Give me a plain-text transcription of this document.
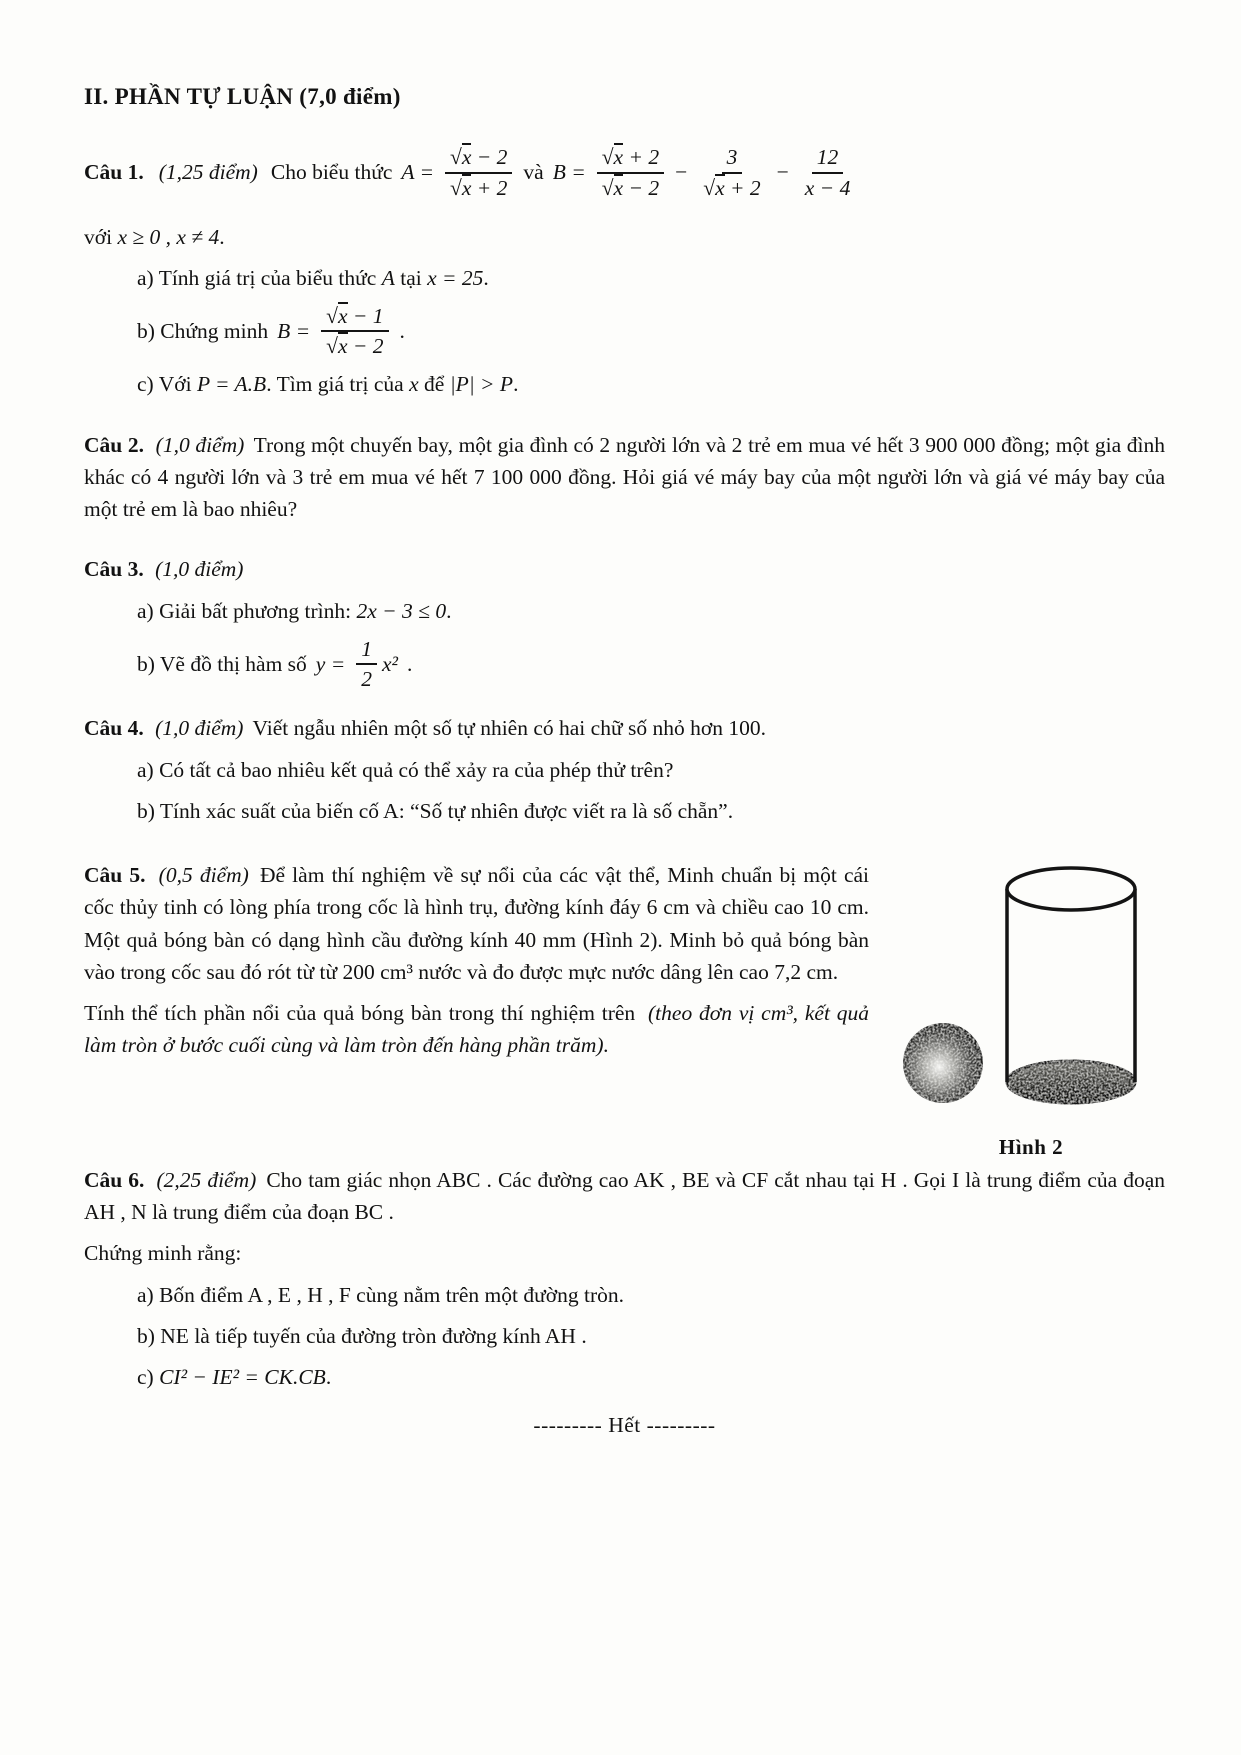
II. PHẦN TỰ LUẬN (7,0 điểm)
Câu 1. (1,25 điểm) Cho biểu thức $A = \frac{√x - 2}{√x + 2}$ và $B = \frac{√x + 2}{√x - 2} - \frac{3}{√x + 2} - \frac{12}{x - 4}$
với x ≥ 0 , x ≠ 4.
a) Tính giá trị của biểu thức A tại x = 25.
b) Chứng minh $B = \frac{√x - 1}{√x - 2}$ .
c) Với P = A.B. Tìm giá trị của x để |P| > P.

Câu 2. (1,0 điểm) Trong một chuyến bay, một gia đình có 2 người lớn và 2 trẻ em mua vé hết 3 900 000 đồng; một gia đình khác có 4 người lớn và 3 trẻ em mua vé hết 7 100 000 đồng. Hỏi giá vé máy bay của một người lớn và giá vé máy bay của một trẻ em là bao nhiêu?

Câu 3. (1,0 điểm)
a) Giải bất phương trình: 2x − 3 ≤ 0.
b) Vẽ đồ thị hàm số $y = \frac{1}{2} x^2$ .

Câu 4. (1,0 điểm) Viết ngẫu nhiên một số tự nhiên có hai chữ số nhỏ hơn 100.

a) Có tất cả bao nhiêu kết quả có thể xảy ra của phép thử trên?
b) Tính xác suất của biến cố A: “Số tự nhiên được viết ra là số chẵn”.
Hình 2

Câu 5. (0,5 điểm) Để làm thí nghiệm về sự nổi của các vật thể, Minh chuẩn bị một cái cốc thủy tinh có lòng phía trong cốc là hình trụ, đường kính đáy 6 cm và chiều cao 10 cm. Một quả bóng bàn có dạng hình cầu đường kính 40 mm (Hình 2). Minh bỏ quả bóng bàn vào trong cốc sau đó rót từ từ 200 cm³ nước và đo được mực nước dâng lên cao 7,2 cm.

Tính thể tích phần nổi của quả bóng bàn trong thí nghiệm trên (theo đơn vị cm³, kết quả làm tròn ở bước cuối cùng và làm tròn đến hàng phần trăm).

Câu 6. (2,25 điểm) Cho tam giác nhọn ABC . Các đường cao AK , BE và CF cắt nhau tại H . Gọi I là trung điểm của đoạn AH , N là trung điểm của đoạn BC .

Chứng minh rằng:
a) Bốn điểm A , E , H , F cùng nằm trên một đường tròn.
b) NE là tiếp tuyến của đường tròn đường kính AH .
c) CI² − IE² = CK.CB.
--------- Hết ---------
